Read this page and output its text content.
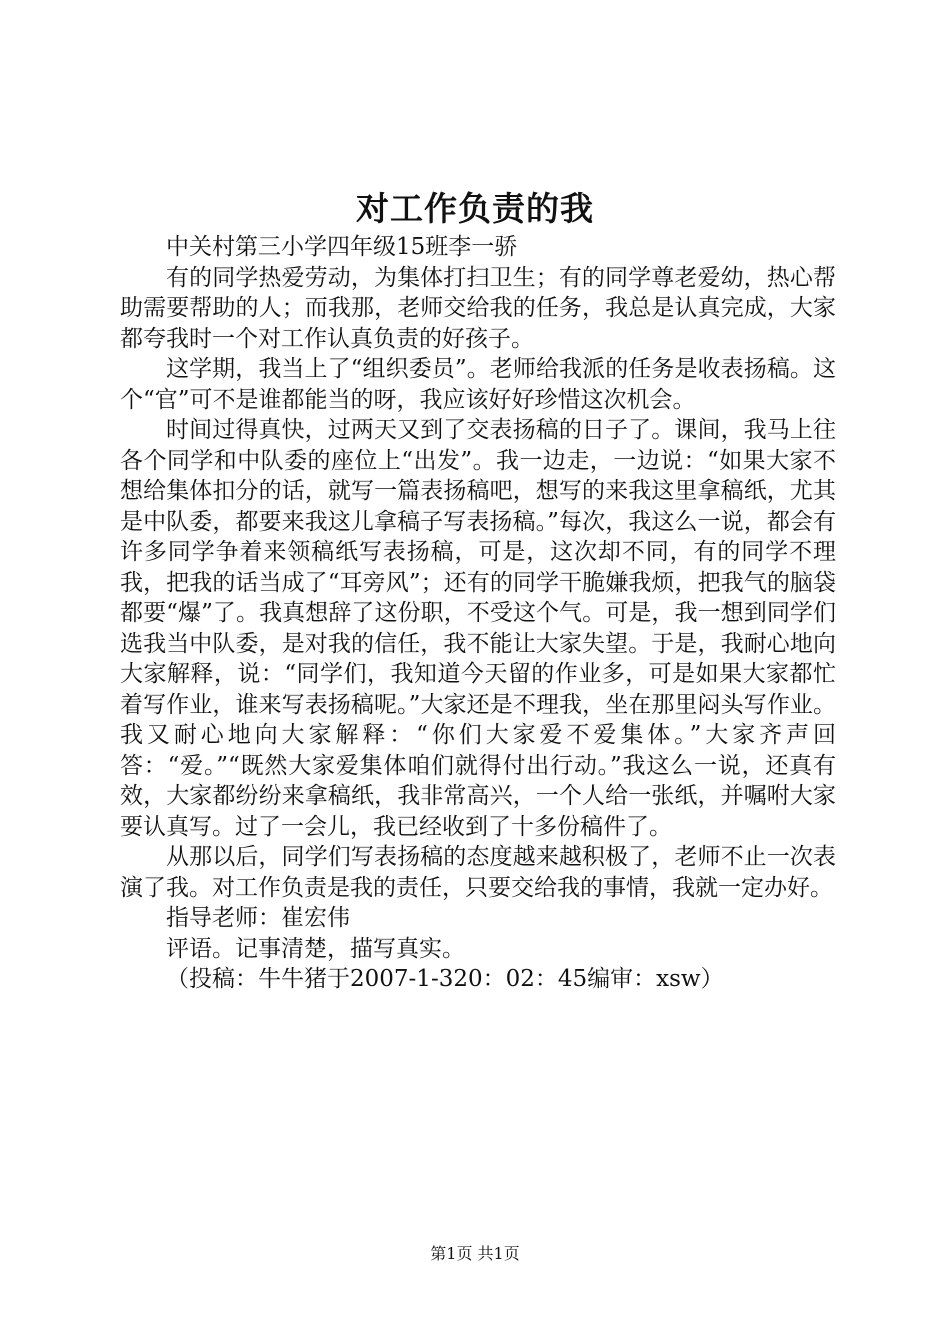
对工作负责的我

中关村第三小学四年级15班李一骄

有的同学热爱劳动，为集体打扫卫生；有的同学尊老爱幼，热心帮助需要帮助的人；而我那，老师交给我的任务，我总是认真完成，大家都夸我时一个对工作认真负责的好孩子。

这学期，我当上了“组织委员”。老师给我派的任务是收表扬稿。这个“官”可不是谁都能当的呀，我应该好好珍惜这次机会。

时间过得真快，过两天又到了交表扬稿的日子了。课间，我马上往各个同学和中队委的座位上“出发”。我一边走，一边说：“如果大家不想给集体扣分的话，就写一篇表扬稿吧，想写的来我这里拿稿纸，尤其是中队委，都要来我这儿拿稿子写表扬稿。”每次，我这么一说，都会有许多同学争着来领稿纸写表扬稿，可是，这次却不同，有的同学不理我，把我的话当成了“耳旁风”；还有的同学干脆嫌我烦，把我气的脑袋都要“爆”了。我真想辞了这份职，不受这个气。可是，我一想到同学们选我当中队委，是对我的信任，我不能让大家失望。于是，我耐心地向大家解释，说：“同学们，我知道今天留的作业多，可是如果大家都忙着写作业，谁来写表扬稿呢。”大家还是不理我，坐在那里闷头写作业。我又耐心地向大家解释：“你们大家爱不爱集体。”大家齐声回答：“爱。”“既然大家爱集体咱们就得付出行动。”我这么一说，还真有效，大家都纷纷来拿稿纸，我非常高兴，一个人给一张纸，并嘱咐大家要认真写。过了一会儿，我已经收到了十多份稿件了。

从那以后，同学们写表扬稿的态度越来越积极了，老师不止一次表演了我。对工作负责是我的责任，只要交给我的事情，我就一定办好。

指导老师：崔宏伟

评语。记事清楚，描写真实。

（投稿：牛牛猪于2007-1-320：02：45编审：xsw）

第1页 共1页
